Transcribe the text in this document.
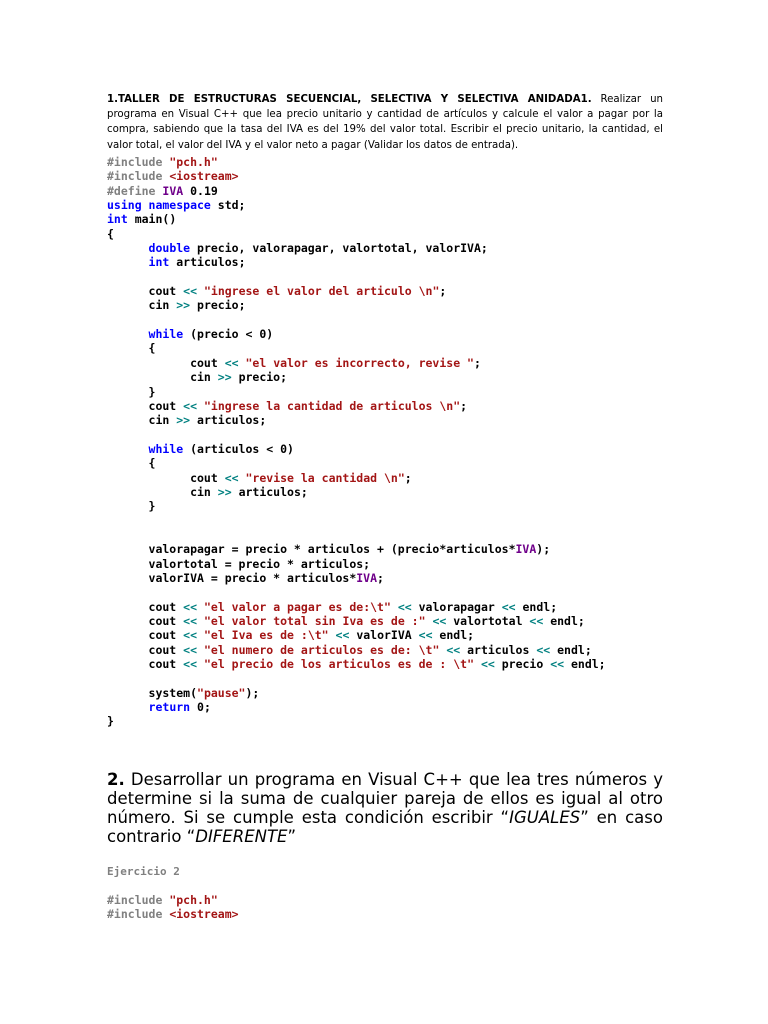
1.TALLER DE ESTRUCTURAS SECUENCIAL, SELECTIVA Y SELECTIVA ANIDADA1. Realizar un programa en Visual C++ que lea precio unitario y cantidad de artículos y calcule el valor a pagar por la compra, sabiendo que la tasa del IVA es del 19% del valor total. Escribir el precio unitario, la cantidad, el valor total, el valor del IVA y el valor neto a pagar (Validar los datos de entrada).

#include "pch.h"
#include <iostream>
#define IVA 0.19
using namespace std;
int main()
{
double precio, valorapagar, valortotal, valorIVA;
int articulos;
cout << "ingrese el valor del articulo \n";
cin >> precio;
while (precio < 0)
{
cout << "el valor es incorrecto, revise ";
cin >> precio;
}
cout << "ingrese la cantidad de articulos \n";
cin >> articulos;
while (articulos < 0)
{
cout << "revise la cantidad \n";
cin >> articulos;
}
valorapagar = precio * articulos + (precio*articulos*IVA);
valortotal = precio * articulos;
valorIVA = precio * articulos*IVA;
cout << "el valor a pagar es de:\t" << valorapagar << endl;
cout << "el valor total sin Iva es de :" << valortotal << endl;
cout << "el Iva es de :\t" << valorIVA << endl;
cout << "el numero de articulos es de: \t" << articulos << endl;
cout << "el precio de los articulos es de : \t" << precio << endl;
system("pause");
return 0;
}

2. Desarrollar un programa en Visual C++ que lea tres números y determine si la suma de cualquier pareja de ellos es igual al otro número. Si se cumple esta condición escribir “IGUALES” en caso contrario “DIFERENTE”

Ejercicio 2

#include "pch.h"
#include <iostream>
